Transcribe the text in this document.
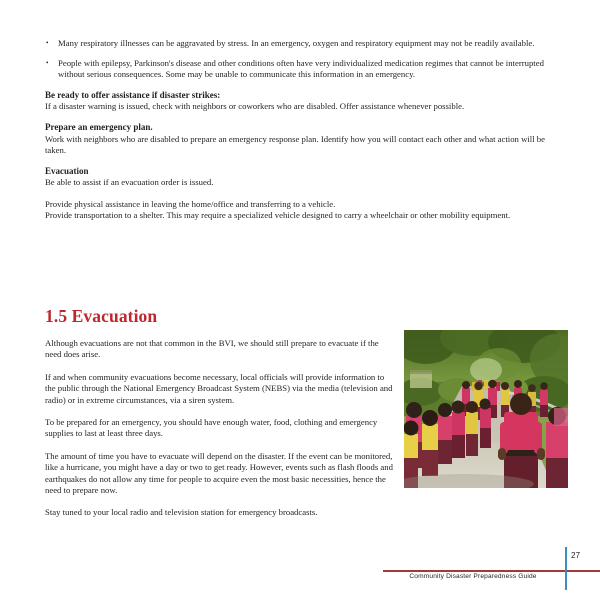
• Many respiratory illnesses can be aggravated by stress. In an emergency, oxygen and respiratory equipment may not be readily available.
• People with epilepsy, Parkinson's disease and other conditions often have very individualized medication regimes that cannot be interrupted without serious consequences. Some may be unable to communicate this information in an emergency.

Be ready to offer assistance if disaster strikes:

If a disaster warning is issued, check with neighbors or coworkers who are disabled. Offer assistance whenever possible.

Prepare an emergency plan.

Work with neighbors who are disabled to prepare an emergency response plan. Identify how you will contact each other and what action will be taken.

Evacuation

Be able to assist if an evacuation order is issued.

Provide physical assistance in leaving the home/office and transferring to a vehicle.

Provide transportation to a shelter. This may require a specialized vehicle designed to carry a wheelchair or other mobility equipment.

1.5 Evacuation

Although evacuations are not that common in the BVI, we should still prepare to evacuate if the need does arise.

If and when community evacuations become necessary, local officials will provide information to the public through the National Emergency Broadcast System (NEBS) via the media (television and radio) or in extreme circumstances, via a siren system.

To be prepared for an emergency, you should have enough water, food, clothing and emergency supplies to last at least three days.

The amount of time you have to evacuate will depend on the disaster. If the event can be monitored, like a hurricane, you might have a day or two to get ready. However, events such as flash floods and earthquakes do not allow any time for people to acquire even the most basic necessities, hence the need to prepare now.

Stay tuned to your local radio and television station for emergency broadcasts.

Community Disaster Preparedness Guide
27
